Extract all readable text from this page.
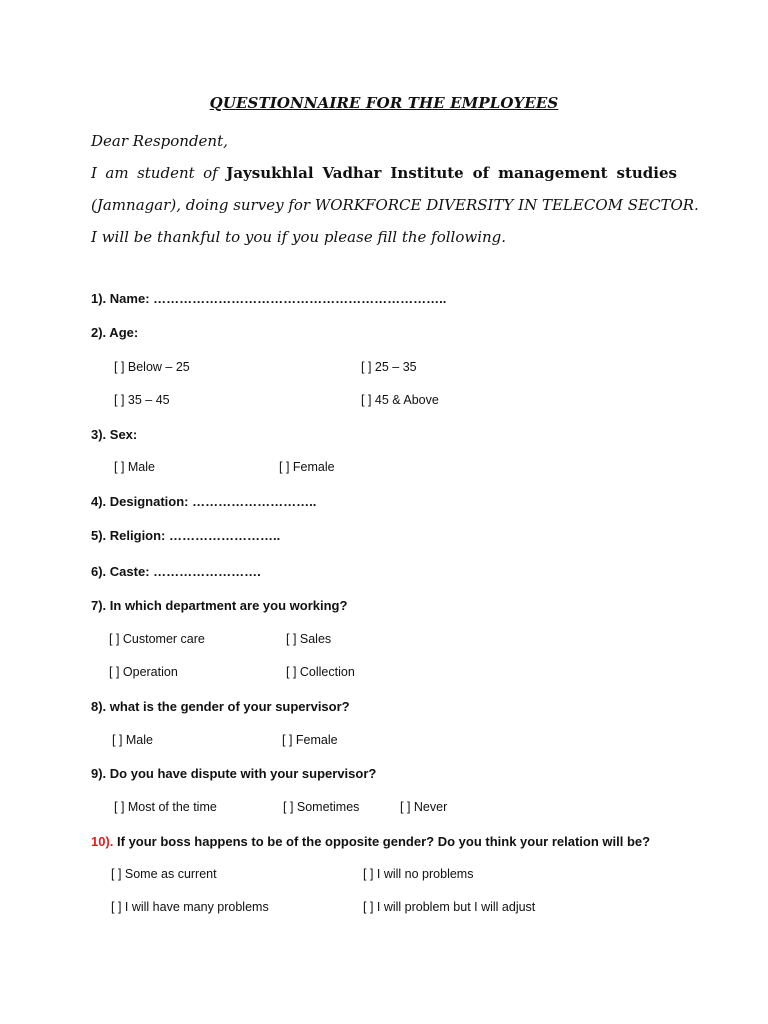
QUESTIONNAIRE FOR THE EMPLOYEES
Dear Respondent,
I am student of Jaysukhlal Vadhar Institute of management studies
(Jamnagar), doing survey for WORKFORCE DIVERSITY IN TELECOM SECTOR.
I will be thankful to you if you please fill the following.
1). Name: …………………………………………………………..
2). Age:
[ ] Below – 25	[ ] 25 – 35
[ ] 35 – 45	[ ] 45 & Above
3). Sex:
[ ] Male	[ ] Female
4). Designation: ………………………..
5). Religion: ……………………..
6). Caste: …………………….
7). In which department are you working?
[ ] Customer care	[ ] Sales
[ ] Operation	[ ] Collection
8). what is the gender of your supervisor?
[ ] Male	[ ] Female
9). Do you have dispute with your supervisor?
[ ] Most of the time	[ ] Sometimes	[ ] Never
10). If your boss happens to be of the opposite gender? Do you think your relation will be?
[ ] Some as current	[ ] I will no problems
[ ] I will have many problems	[ ] I will problem but I will adjust
